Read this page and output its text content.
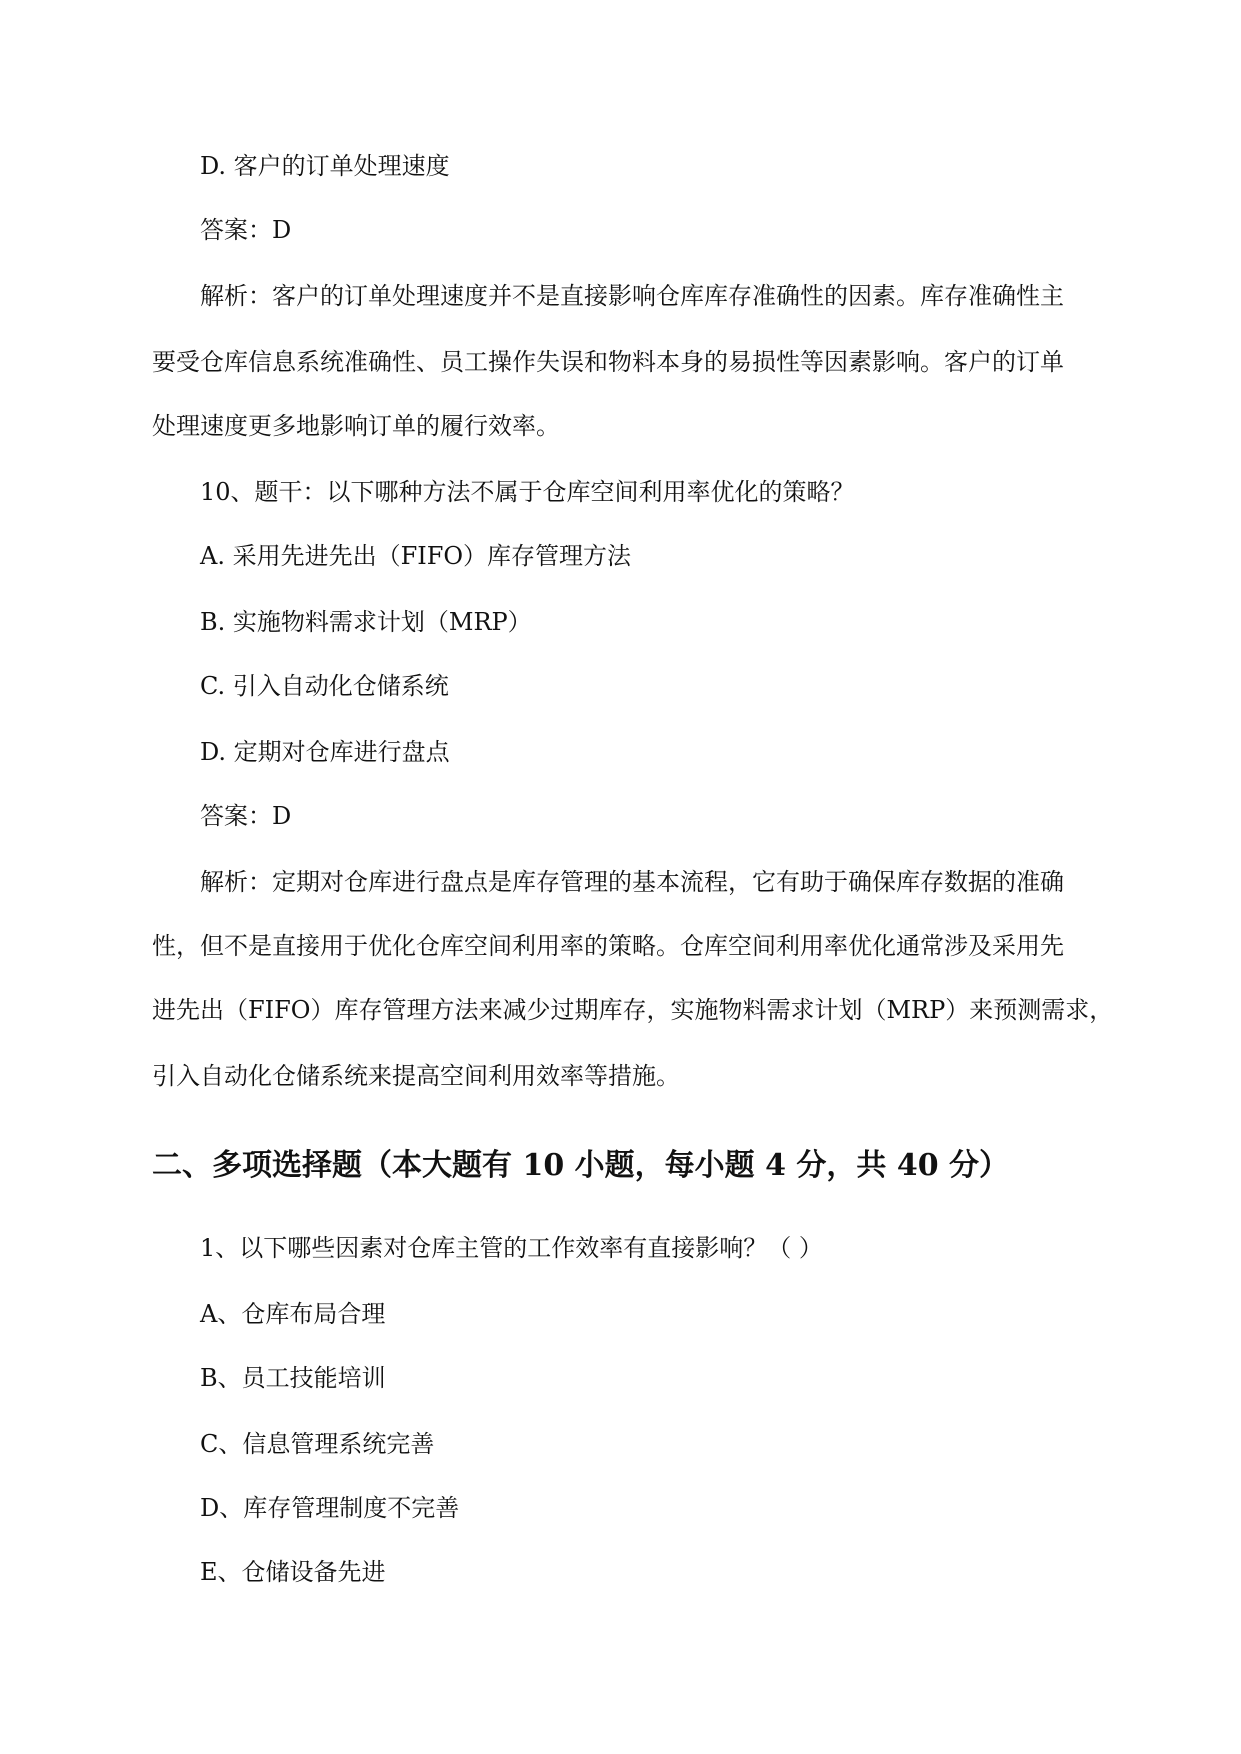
D. 客户的订单处理速度
答案：D
解析：客户的订单处理速度并不是直接影响仓库库存准确性的因素。库存准确性主
要受仓库信息系统准确性、员工操作失误和物料本身的易损性等因素影响。客户的订单
处理速度更多地影响订单的履行效率。
10、题干：以下哪种方法不属于仓库空间利用率优化的策略？
A. 采用先进先出（FIFO）库存管理方法
B. 实施物料需求计划（MRP）
C. 引入自动化仓储系统
D. 定期对仓库进行盘点
答案：D
解析：定期对仓库进行盘点是库存管理的基本流程，它有助于确保库存数据的准确
性，但不是直接用于优化仓库空间利用率的策略。仓库空间利用率优化通常涉及采用先
进先出（FIFO）库存管理方法来减少过期库存，实施物料需求计划（MRP）来预测需求，
引入自动化仓储系统来提高空间利用效率等措施。
二、多项选择题（本大题有 10 小题，每小题 4 分，共 40 分）
1、以下哪些因素对仓库主管的工作效率有直接影响？（ ）
A、仓库布局合理
B、员工技能培训
C、信息管理系统完善
D、库存管理制度不完善
E、仓储设备先进
